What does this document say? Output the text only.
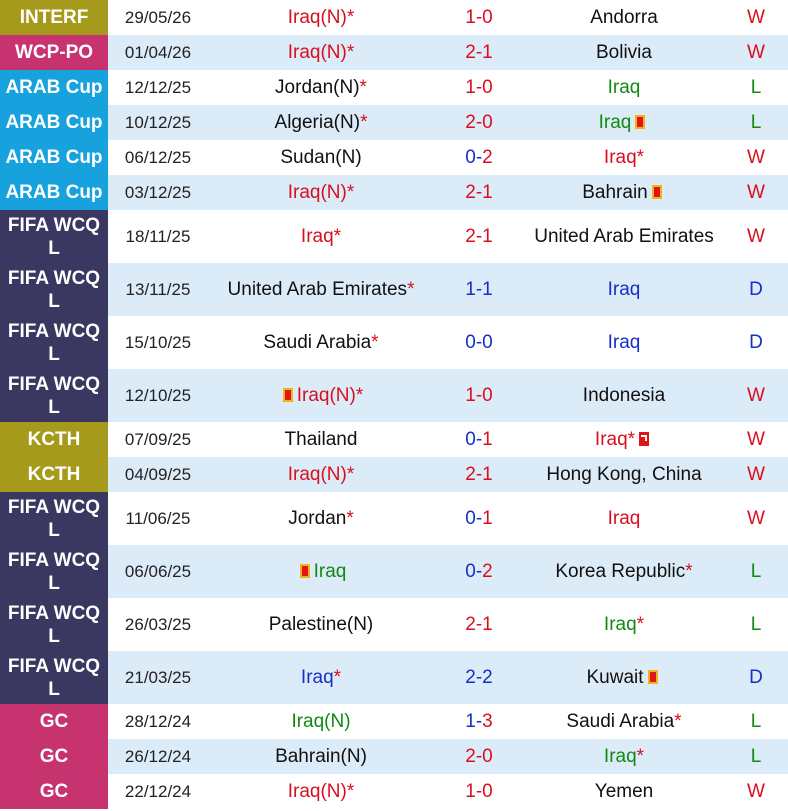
INTERF	29/05/26	Iraq(N)*	1-0	Andorra	W
WCP-PO	01/04/26	Iraq(N)*	2-1	Bolivia	W
ARAB Cup	12/12/25	Jordan(N)*	1-0	Iraq	L
ARAB Cup	10/12/25	Algeria(N)*	2-0	Iraq	L
ARAB Cup	06/12/25	Sudan(N)	0-2	Iraq*	W
ARAB Cup	03/12/25	Iraq(N)*	2-1	Bahrain	W
FIFA WCQ L	18/11/25	Iraq*	2-1	United Arab Emirates	W
FIFA WCQ L	13/11/25	United Arab Emirates*	1-1	Iraq	D
FIFA WCQ L	15/10/25	Saudi Arabia*	0-0	Iraq	D
FIFA WCQ L	12/10/25	Iraq(N)*	1-0	Indonesia	W
KCTH	07/09/25	Thailand	0-1	Iraq*	W
KCTH	04/09/25	Iraq(N)*	2-1	Hong Kong, China	W
FIFA WCQ L	11/06/25	Jordan*	0-1	Iraq	W
FIFA WCQ L	06/06/25	Iraq	0-2	Korea Republic*	L
FIFA WCQ L	26/03/25	Palestine(N)	2-1	Iraq*	L
FIFA WCQ L	21/03/25	Iraq*	2-2	Kuwait	D
GC	28/12/24	Iraq(N)	1-3	Saudi Arabia*	L
GC	26/12/24	Bahrain(N)	2-0	Iraq*	L
GC	22/12/24	Iraq(N)*	1-0	Yemen	W
